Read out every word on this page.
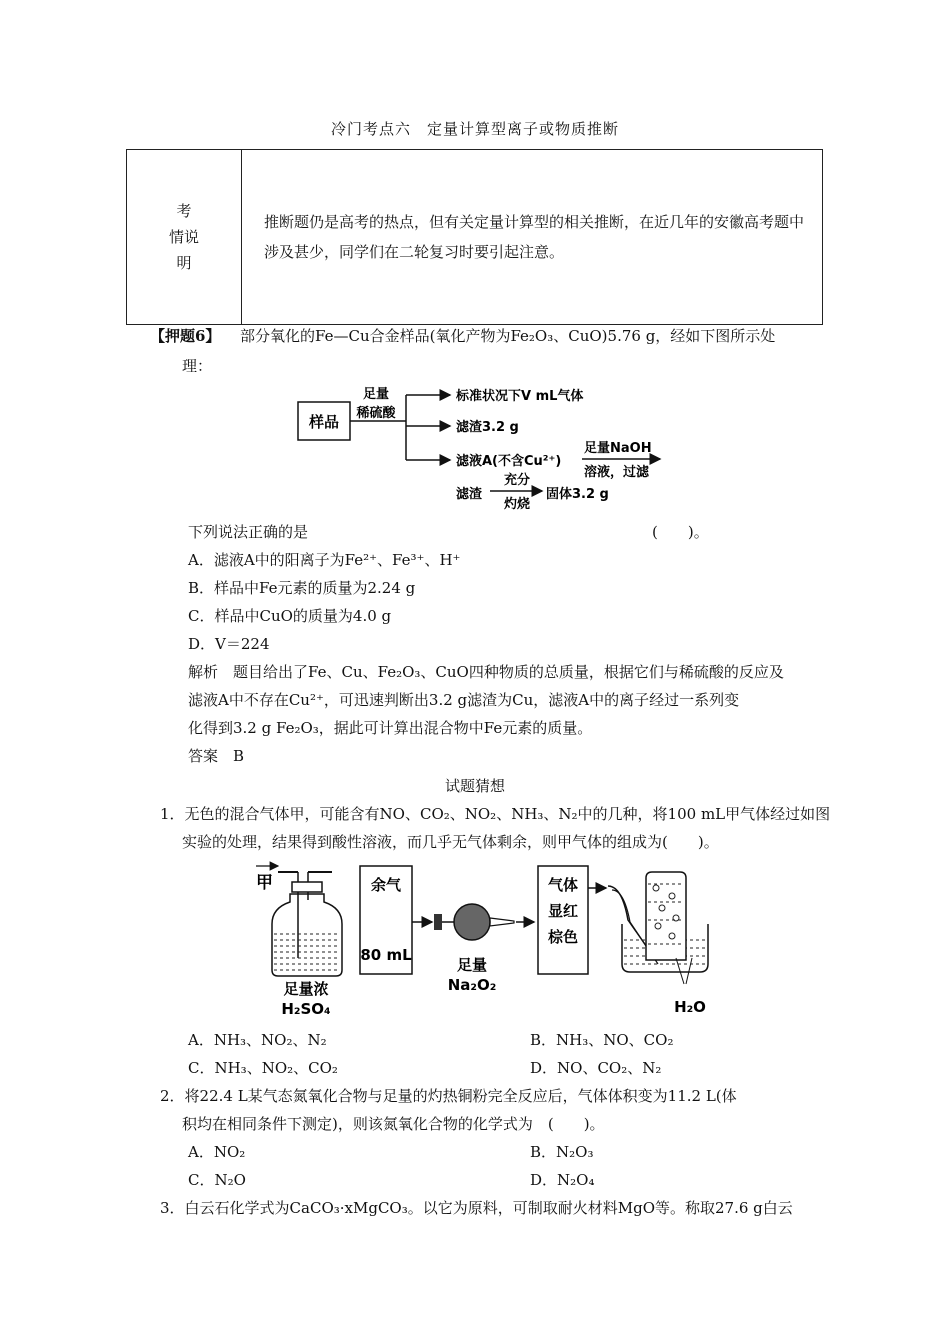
冷门考点六　定量计算型离子或物质推断
考
情说
明
	推断题仍是高考的热点，但有关定量计算型的相关推断，在近几年的安徽高考题中涉及甚少，同学们在二轮复习时要引起注意。
【押题6】 部分氧化的Fe—Cu合金样品(氧化产物为Fe₂O₃、CuO)5.76 g，经如下图所示处
理：
样品
足量
稀硫酸
标准状况下V mL气体
滤渣3.2 g
滤液A(不含Cu²⁺)
足量NaOH
溶液，过滤
滤渣
充分
灼烧
固体3.2 g
下列说法正确的是	(　　)。
A．滤液A中的阳离子为Fe²⁺、Fe³⁺、H⁺
B．样品中Fe元素的质量为2.24 g
C．样品中CuO的质量为4.0 g
D．V＝224
解析　题目给出了Fe、Cu、Fe₂O₃、CuO四种物质的总质量，根据它们与稀硫酸的反应及
滤液A中不存在Cu²⁺，可迅速判断出3.2 g滤渣为Cu，滤液A中的离子经过一系列变
化得到3.2 g Fe₂O₃，据此可计算出混合物中Fe元素的质量。
答案　B
试题猜想
1．无色的混合气体甲，可能含有NO、CO₂、NO₂、NH₃、N₂中的几种，将100 mL甲气体经过如图
实验的处理，结果得到酸性溶液，而几乎无气体剩余，则甲气体的组成为(　　)。
甲
足量浓
H₂SO₄
余气
80 mL
足量
Na₂O₂
气体
显红
棕色
H₂O
A．NH₃、NO₂、N₂	B．NH₃、NO、CO₂
C．NH₃、NO₂、CO₂	D．NO、CO₂、N₂
2．将22.4 L某气态氮氧化合物与足量的灼热铜粉完全反应后，气体体积变为11.2 L(体
积均在相同条件下测定)，则该氮氧化合物的化学式为　(　　)。
A．NO₂	B．N₂O₃
C．N₂O	D．N₂O₄
3．白云石化学式为CaCO₃·xMgCO₃。以它为原料，可制取耐火材料MgO等。称取27.6 g白云
